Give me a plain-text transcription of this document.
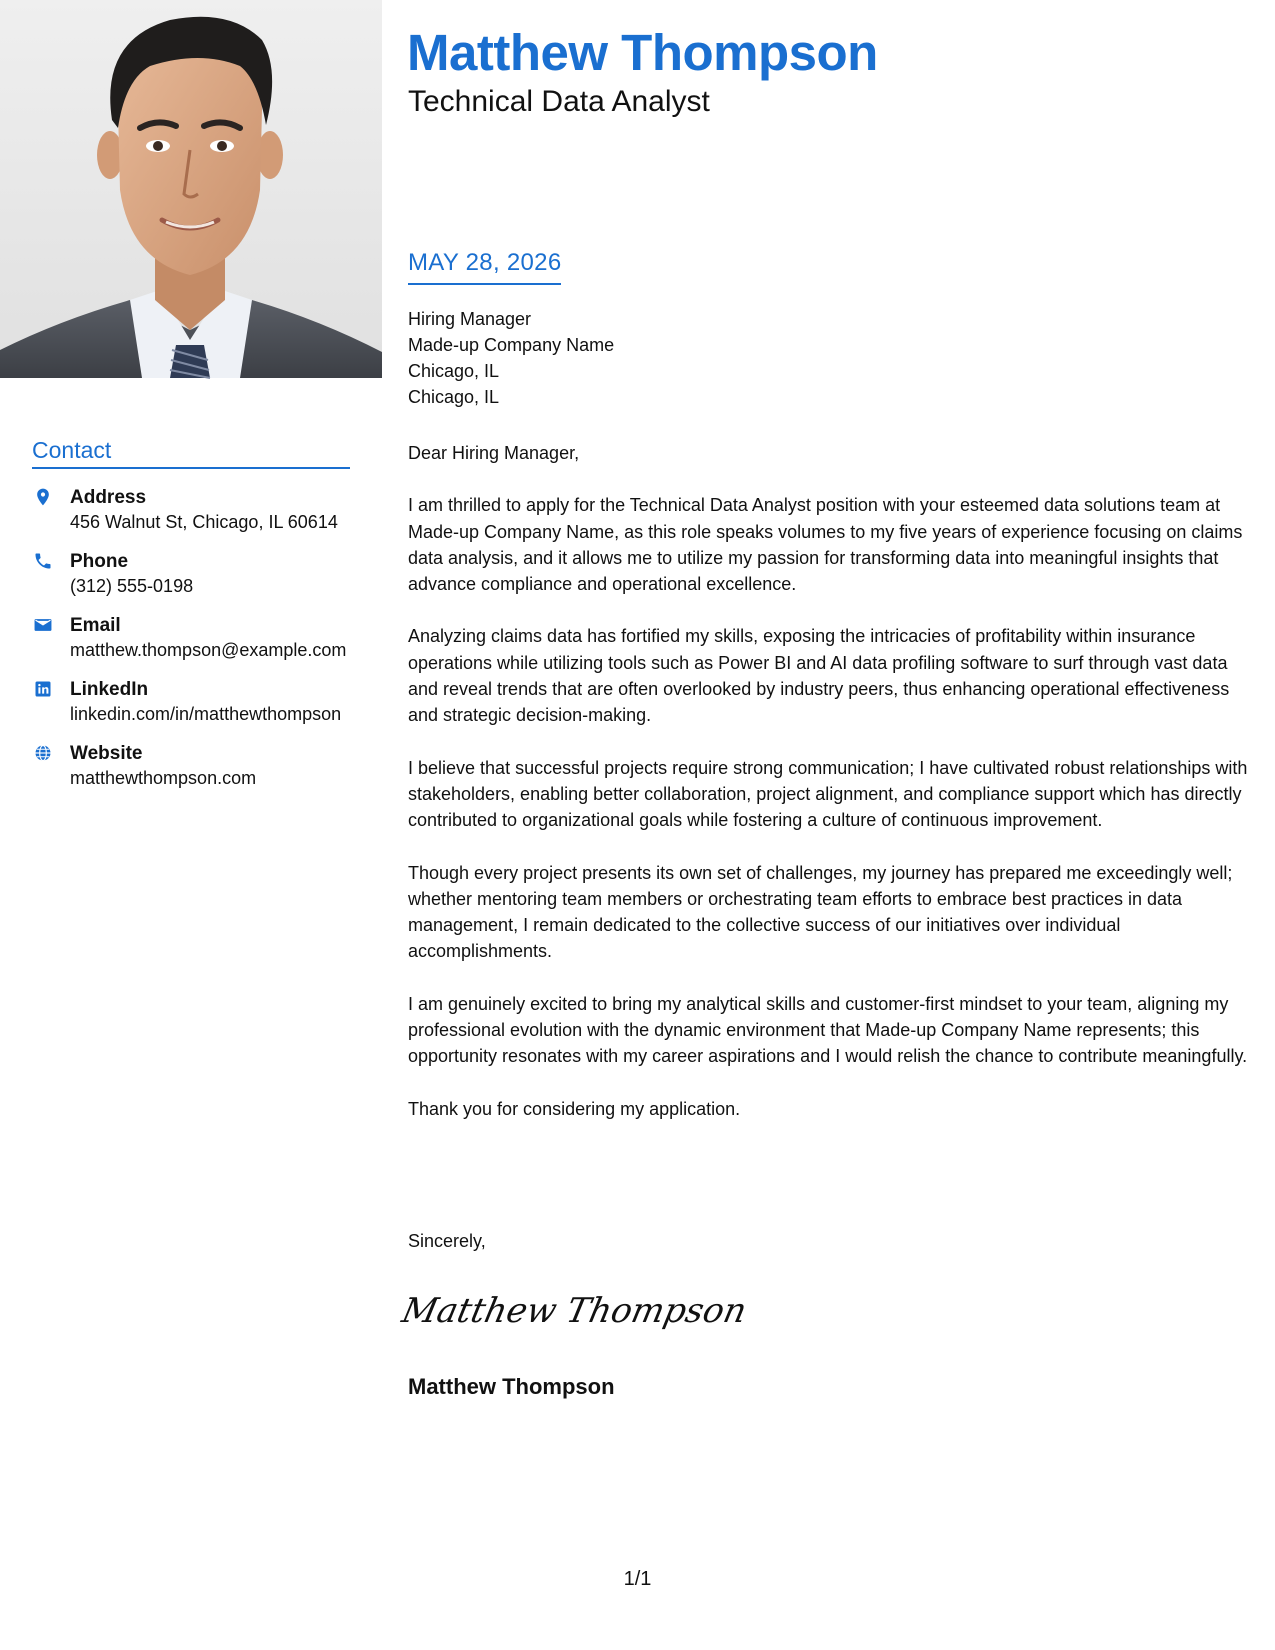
Contact
Address
456 Walnut St, Chicago, IL 60614
Phone
(312) 555-0198
Email
matthew.thompson@example.com
LinkedIn
linkedin.com/in/matthewthompson
Website
matthewthompson.com
Matthew Thompson
Technical Data Analyst
MAY 28, 2026
Hiring Manager
Made-up Company Name
Chicago, IL
Chicago, IL

Dear Hiring Manager,

I am thrilled to apply for the Technical Data Analyst position with your esteemed data solutions team at Made-up Company Name, as this role speaks volumes to my five years of experience focusing on claims data analysis, and it allows me to utilize my passion for transforming data into meaningful insights that advance compliance and operational excellence.

Analyzing claims data has fortified my skills, exposing the intricacies of profitability within insurance operations while utilizing tools such as Power BI and AI data profiling software to surf through vast data and reveal trends that are often overlooked by industry peers, thus enhancing operational effectiveness and strategic decision-making.

I believe that successful projects require strong communication; I have cultivated robust relationships with stakeholders, enabling better collaboration, project alignment, and compliance support which has directly contributed to organizational goals while fostering a culture of continuous improvement.

Though every project presents its own set of challenges, my journey has prepared me exceedingly well; whether mentoring team members or orchestrating team efforts to embrace best practices in data management, I remain dedicated to the collective success of our initiatives over individual accomplishments.

I am genuinely excited to bring my analytical skills and customer-first mindset to your team, aligning my professional evolution with the dynamic environment that Made-up Company Name represents; this opportunity resonates with my career aspirations and I would relish the chance to contribute meaningfully.

Thank you for considering my application.

Sincerely,
Matthew Thompson
Matthew Thompson
1/1
